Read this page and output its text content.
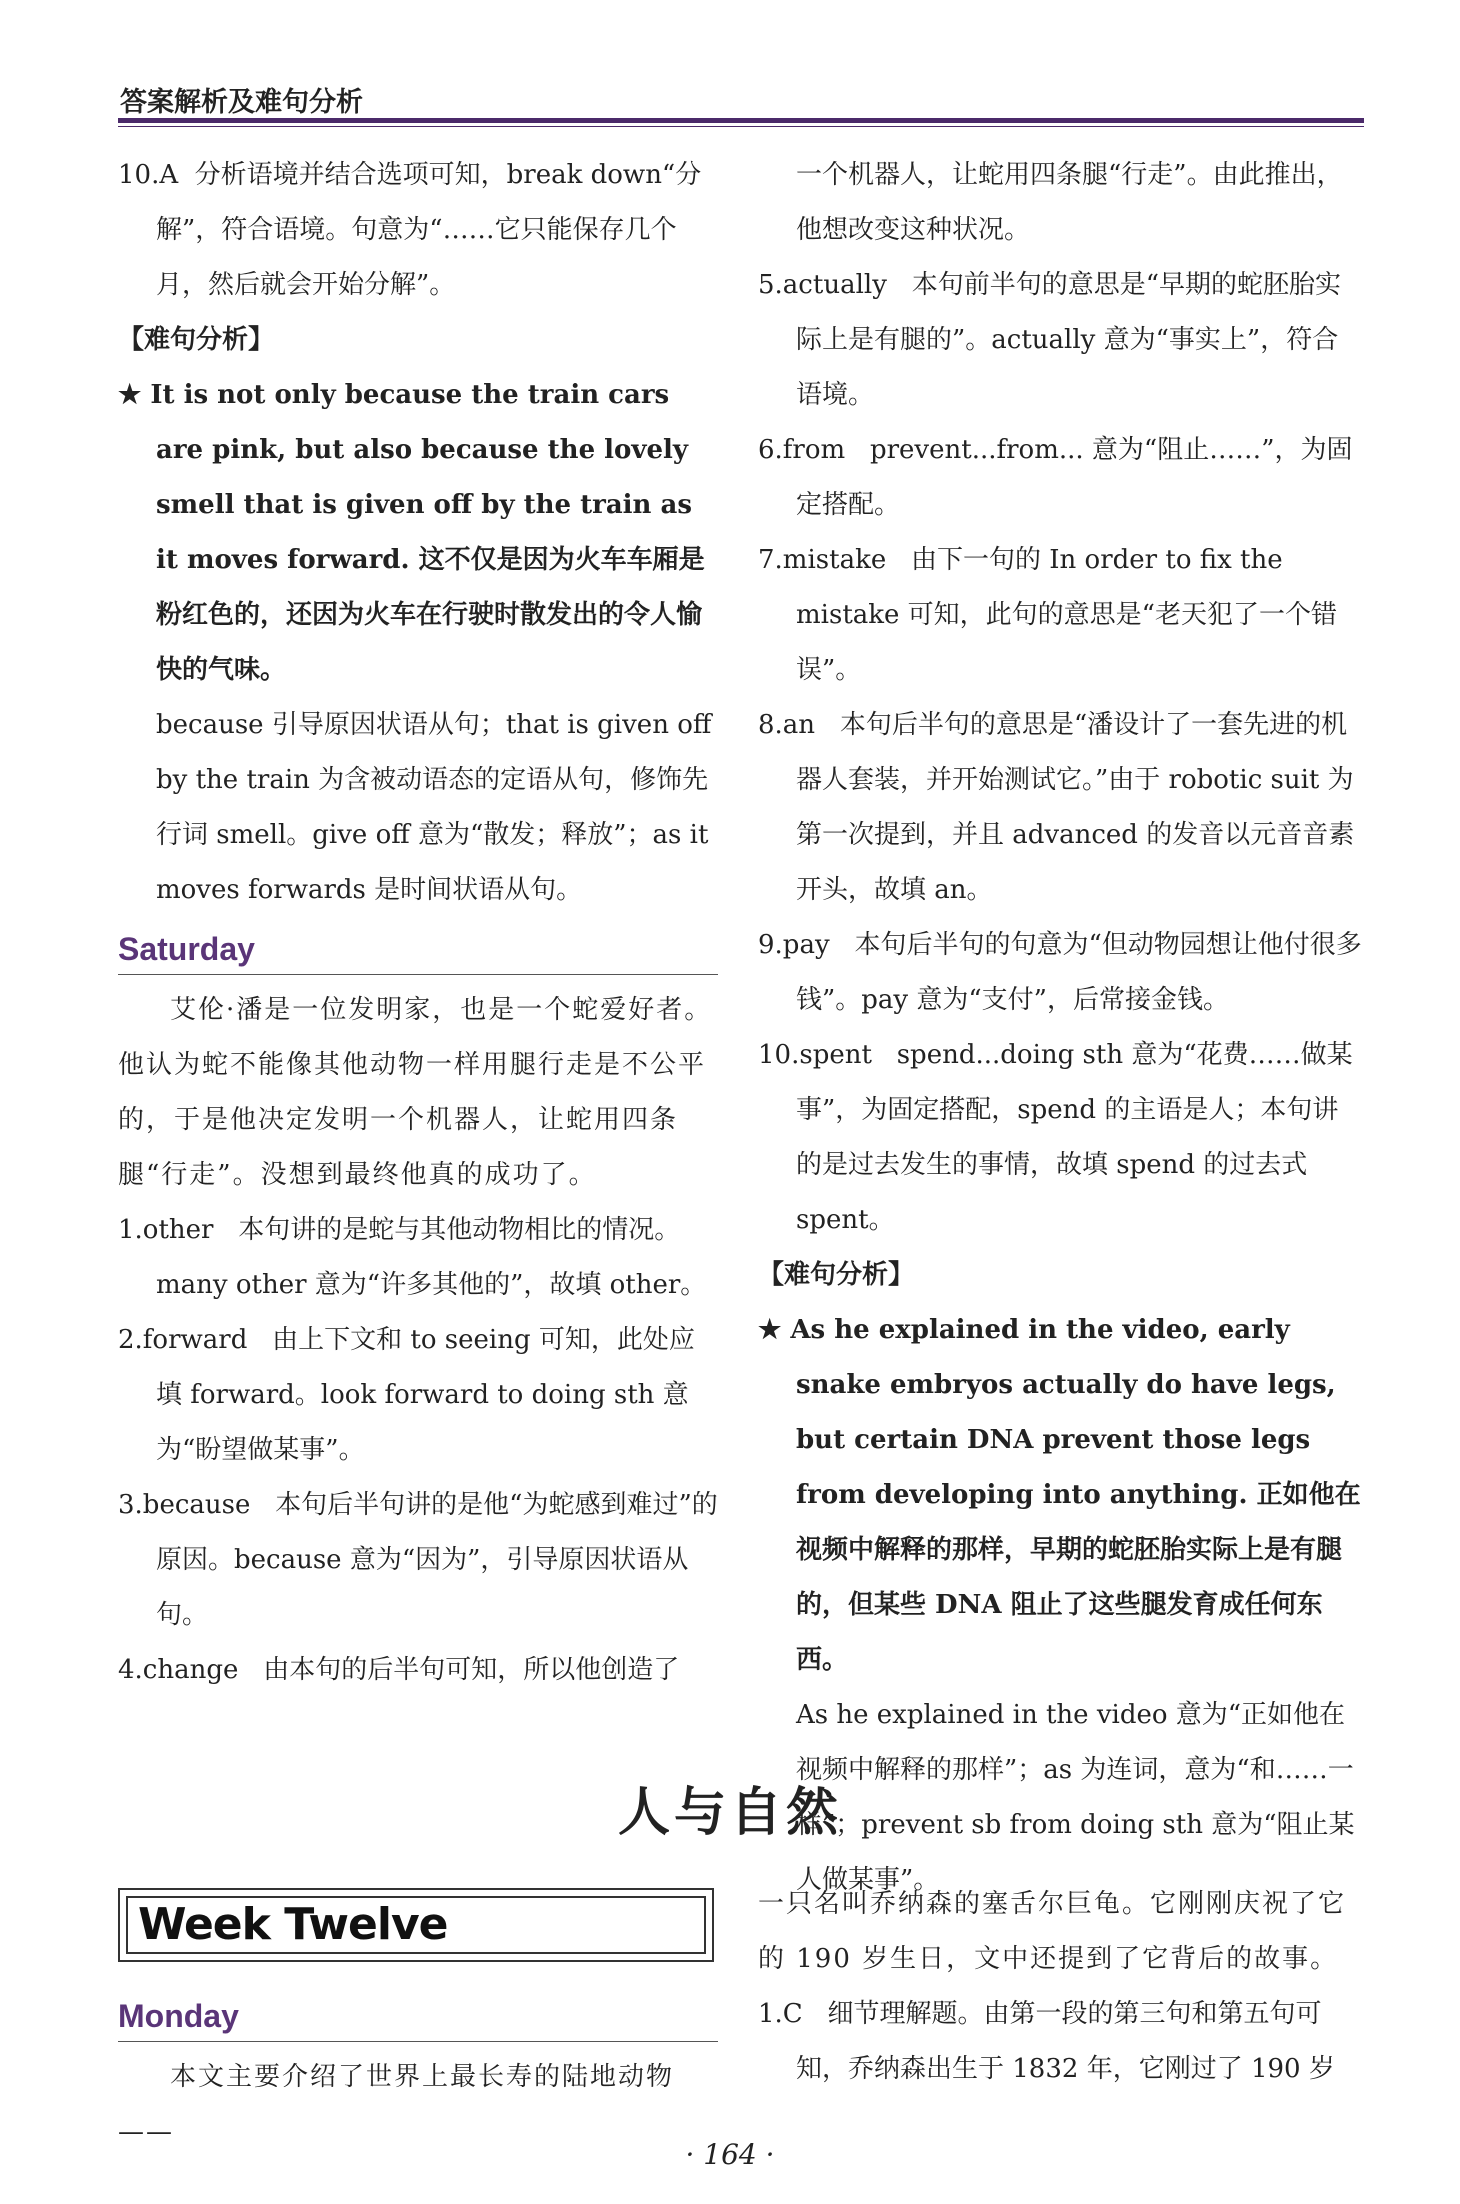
答案解析及难句分析

10.A 分析语境并结合选项可知，break down“分解”，符合语境。句意为“……它只能保存几个月，然后就会开始分解”。

【难句分析】

★ It is not only because the train cars are pink, but also because the lovely smell that is given off by the train as it moves forward. 这不仅是因为火车车厢是粉红色的，还因为火车在行驶时散发出的令人愉快的气味。

because 引导原因状语从句；that is given off by the train 为含被动语态的定语从句，修饰先行词 smell。give off 意为“散发；释放”；as it moves forwards 是时间状语从句。

Saturday

艾伦·潘是一位发明家，也是一个蛇爱好者。他认为蛇不能像其他动物一样用腿行走是不公平的，于是他决定发明一个机器人，让蛇用四条腿“行走”。没想到最终他真的成功了。

1.other 本句讲的是蛇与其他动物相比的情况。many other 意为“许多其他的”，故填 other。

2.forward 由上下文和 to seeing 可知，此处应填 forward。look forward to doing sth 意为“盼望做某事”。

3.because 本句后半句讲的是他“为蛇感到难过”的原因。because 意为“因为”，引导原因状语从句。

4.change 由本句的后半句可知，所以他创造了

一个机器人，让蛇用四条腿“行走”。由此推出，他想改变这种状况。

5.actually 本句前半句的意思是“早期的蛇胚胎实际上是有腿的”。actually 意为“事实上”，符合语境。

6.from prevent...from... 意为“阻止……”，为固定搭配。

7.mistake 由下一句的 In order to fix the mistake 可知，此句的意思是“老天犯了一个错误”。

8.an 本句后半句的意思是“潘设计了一套先进的机器人套装，并开始测试它。”由于 robotic suit 为第一次提到，并且 advanced 的发音以元音音素开头，故填 an。

9.pay 本句后半句的句意为“但动物园想让他付很多钱”。pay 意为“支付”，后常接金钱。

10.spent spend...doing sth 意为“花费……做某事”，为固定搭配，spend 的主语是人；本句讲的是过去发生的事情，故填 spend 的过去式 spent。

【难句分析】

★ As he explained in the video, early snake embryos actually do have legs, but certain DNA prevent those legs from developing into anything. 正如他在视频中解释的那样，早期的蛇胚胎实际上是有腿的，但某些 DNA 阻止了这些腿发育成任何东西。

As he explained in the video 意为“正如他在视频中解释的那样”；as 为连词，意为“和……一样”；prevent sb from doing sth 意为“阻止某人做某事”。

人与自然
Week Twelve
Monday

本文主要介绍了世界上最长寿的陆地动物——

一只名叫乔纳森的塞舌尔巨龟。它刚刚庆祝了它的 190 岁生日，文中还提到了它背后的故事。

1.C 细节理解题。由第一段的第三句和第五句可知，乔纳森出生于 1832 年，它刚过了 190 岁

· 164 ·
